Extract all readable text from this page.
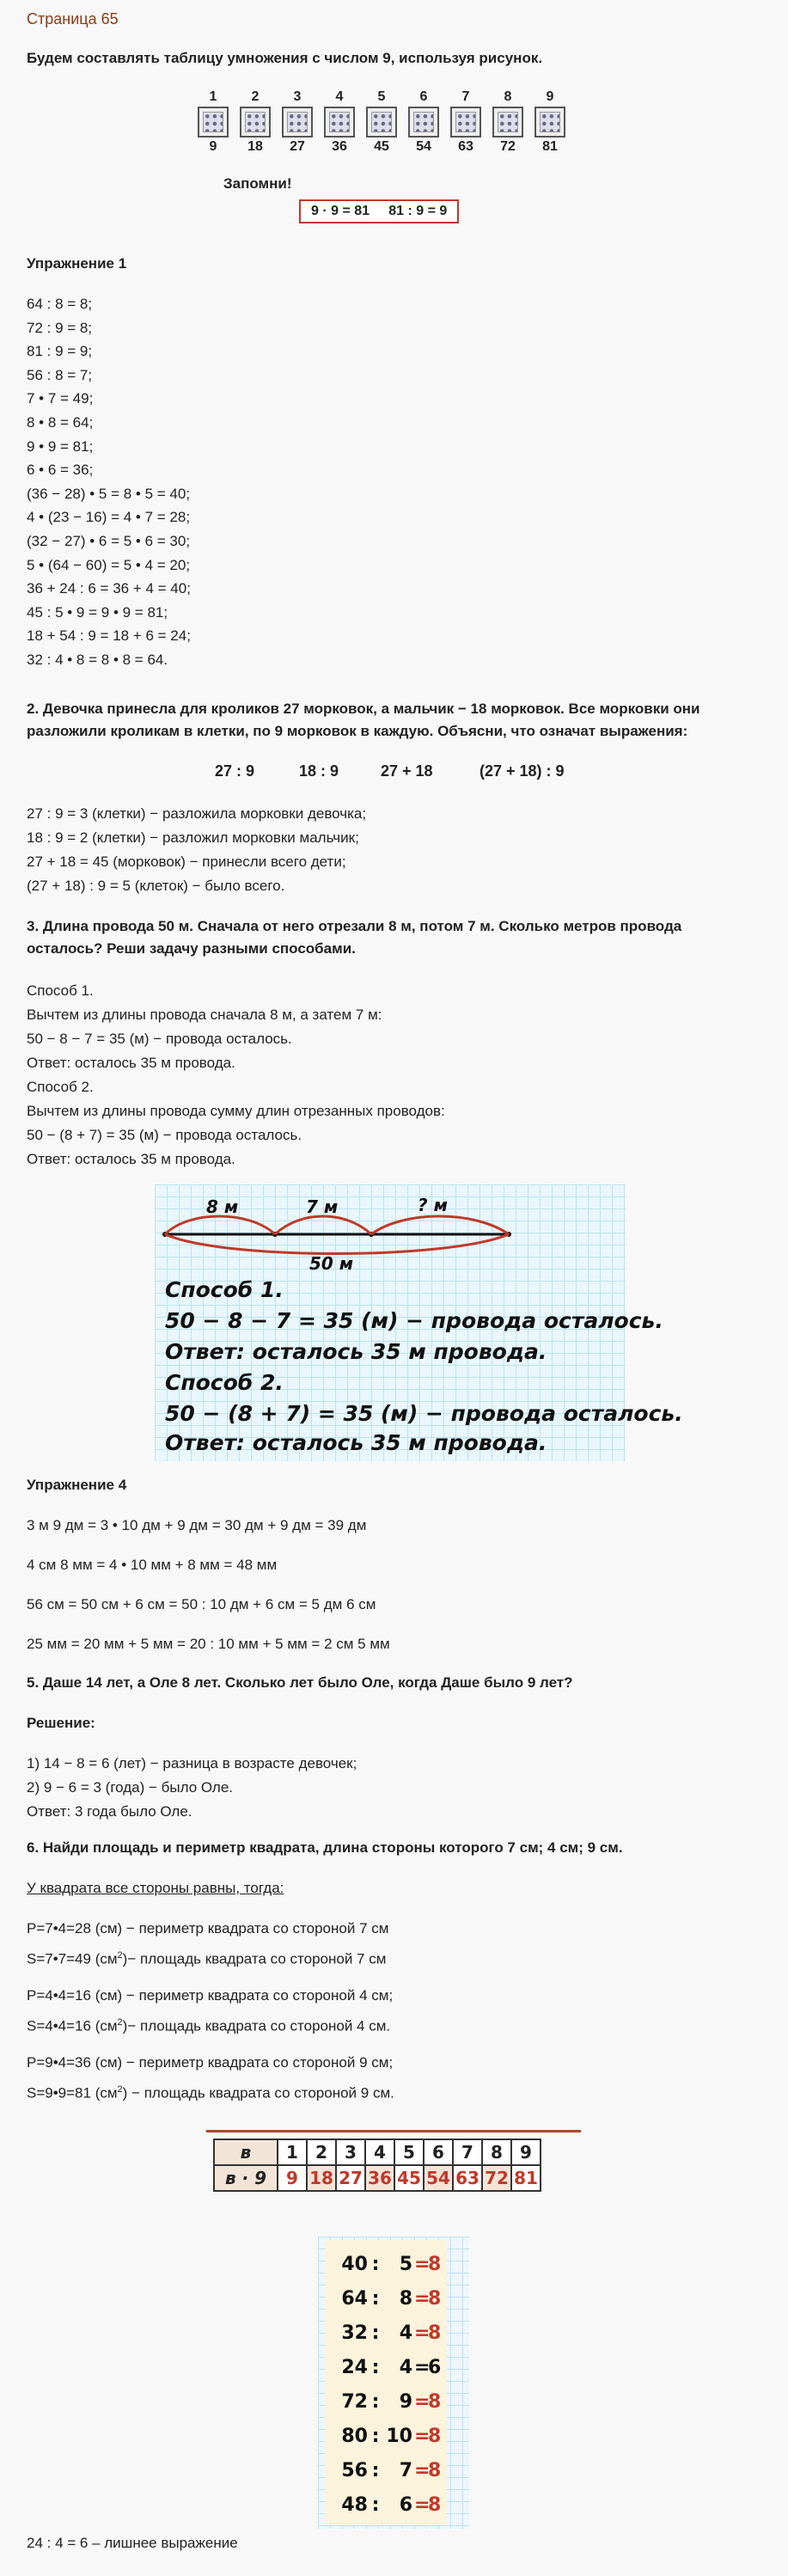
Страница 65
Будем составлять таблицу умножения с числом 9, используя рисунок.
1
9
2
18
3
27
4
36
5
45
6
54
7
63
8
72
9
81
Запомни!
9 · 9 = 81     81 : 9 = 9
Упражнение 1
64 : 8 = 8;
72 : 9 = 8;
81 : 9 = 9;
56 : 8 = 7;
7 • 7 = 49;
8 • 8 = 64;
9 • 9 = 81;
6 • 6 = 36;
(36 − 28) • 5 = 8 • 5 = 40;
4 • (23 − 16) = 4 • 7 = 28;
(32 − 27) • 6 = 5 • 6 = 30;
5 • (64 − 60) = 5 • 4 = 20;
36 + 24 : 6 = 36 + 4 = 40;
45 : 5 • 9 = 9 • 9 = 81;
18 + 54 : 9 = 18 + 6 = 24;
32 : 4 • 8 = 8 • 8 = 64.
2. Девочка принесла для кроликов 27 морковок, а мальчик − 18 морковок. Все морковки они
разложили кроликам в клетки, по 9 морковок в каждую. Объясни, что означат выражения:
27 : 9	18 : 9	27 + 18	(27 + 18) : 9
27 : 9 = 3 (клетки) − разложила морковки девочка;
18 : 9 = 2 (клетки) − разложил морковки мальчик;
27 + 18 = 45 (морковок) − принесли всего дети;
(27 + 18) : 9 = 5 (клеток) − было всего.
3. Длина провода 50 м. Сначала от него отрезали 8 м, потом 7 м. Сколько метров провода
осталось? Реши задачу разными способами.
Способ 1.
Вычтем из длины провода сначала 8 м, а затем 7 м:
50 − 8 − 7 = 35 (м) − провода осталось.
Ответ: осталось 35 м провода.
Способ 2.
Вычтем из длины провода сумму длин отрезанных проводов:
50 − (8 + 7) = 35 (м) − провода осталось.
Ответ: осталось 35 м провода.
8 м	7 м	? м
50 м
Способ 1.
50 − 8 − 7 = 35 (м) − провода осталось.
Ответ: осталось 35 м провода.
Способ 2.
50 − (8 + 7) = 35 (м) − провода осталось.
Ответ: осталось 35 м провода.
Упражнение 4
3 м 9 дм = 3 • 10 дм + 9 дм = 30 дм + 9 дм = 39 дм
4 см 8 мм = 4 • 10 мм + 8 мм = 48 мм
56 см = 50 см + 6 см = 50 : 10 дм + 6 см = 5 дм 6 см
25 мм = 20 мм + 5 мм = 20 : 10 мм + 5 мм = 2 см 5 мм
5. Даше 14 лет, а Оле 8 лет. Сколько лет было Оле, когда Даше было 9 лет?
Решение:
1) 14 − 8 = 6 (лет) − разница в возрасте девочек;
2) 9 − 6 = 3 (года) − было Оле.
Ответ: 3 года было Оле.
6. Найди площадь и периметр квадрата, длина стороны которого 7 см; 4 см; 9 см.
У квадрата все стороны равны, тогда:
P=7•4=28 (см) − периметр квадрата со стороной 7 см
S=7•7=49 $(см^2)-$ площадь квадрата со стороной 7 см
P=4•4=16 (см) − периметр квадрата со стороной 4 см;
S=4•4=16 $(см^2)-$ площадь квадрата со стороной 4 см.
P=9•4=36 (см) − периметр квадрата со стороной 9 см;
S=9•9=81 $(см^2)$ − площадь квадрата со стороной 9 см.
в	1	2	3	4	5	6	7	8	9
в · 9	9	18	27	36	45	54	63	72	81
40 :	5 =
8
64 :	8 =
8
32 :	4 =
8
24 :	4 =
6
72 :	9 =
8
80 : 10 =
8
56 :	7 =
8
48 :	6 =
8
24 : 4 = 6 – лишнее выражение
